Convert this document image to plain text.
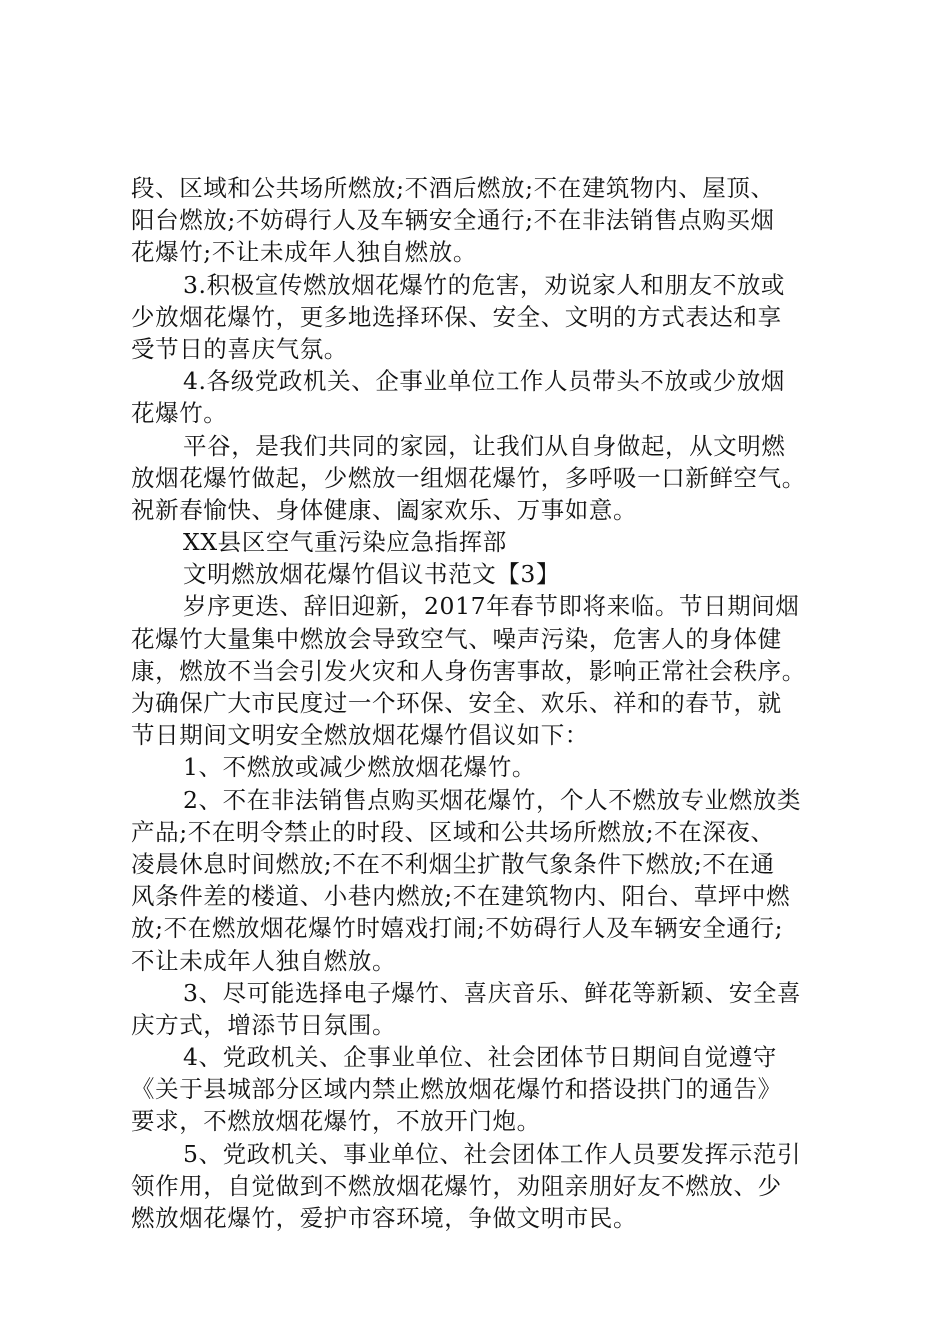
段、区域和公共场所燃放;不酒后燃放;不在建筑物内、屋顶、
阳台燃放;不妨碍行人及车辆安全通行;不在非法销售点购买烟
花爆竹;不让未成年人独自燃放。
3.积极宣传燃放烟花爆竹的危害，劝说家人和朋友不放或
少放烟花爆竹，更多地选择环保、安全、文明的方式表达和享
受节日的喜庆气氛。
4.各级党政机关、企事业单位工作人员带头不放或少放烟
花爆竹。
平谷，是我们共同的家园，让我们从自身做起，从文明燃
放烟花爆竹做起，少燃放一组烟花爆竹，多呼吸一口新鲜空气。
祝新春愉快、身体健康、阖家欢乐、万事如意。
XX县区空气重污染应急指挥部
文明燃放烟花爆竹倡议书范文【3】
岁序更迭、辞旧迎新，2017年春节即将来临。节日期间烟
花爆竹大量集中燃放会导致空气、噪声污染，危害人的身体健
康，燃放不当会引发火灾和人身伤害事故，影响正常社会秩序。
为确保广大市民度过一个环保、安全、欢乐、祥和的春节，就
节日期间文明安全燃放烟花爆竹倡议如下：
1、不燃放或减少燃放烟花爆竹。
2、不在非法销售点购买烟花爆竹，个人不燃放专业燃放类
产品;不在明令禁止的时段、区域和公共场所燃放;不在深夜、
凌晨休息时间燃放;不在不利烟尘扩散气象条件下燃放;不在通
风条件差的楼道、小巷内燃放;不在建筑物内、阳台、草坪中燃
放;不在燃放烟花爆竹时嬉戏打闹;不妨碍行人及车辆安全通行;
不让未成年人独自燃放。
3、尽可能选择电子爆竹、喜庆音乐、鲜花等新颖、安全喜
庆方式，增添节日氛围。
4、党政机关、企事业单位、社会团体节日期间自觉遵守
《关于县城部分区域内禁止燃放烟花爆竹和搭设拱门的通告》
要求，不燃放烟花爆竹，不放开门炮。
5、党政机关、事业单位、社会团体工作人员要发挥示范引
领作用，自觉做到不燃放烟花爆竹，劝阻亲朋好友不燃放、少
燃放烟花爆竹，爱护市容环境，争做文明市民。
